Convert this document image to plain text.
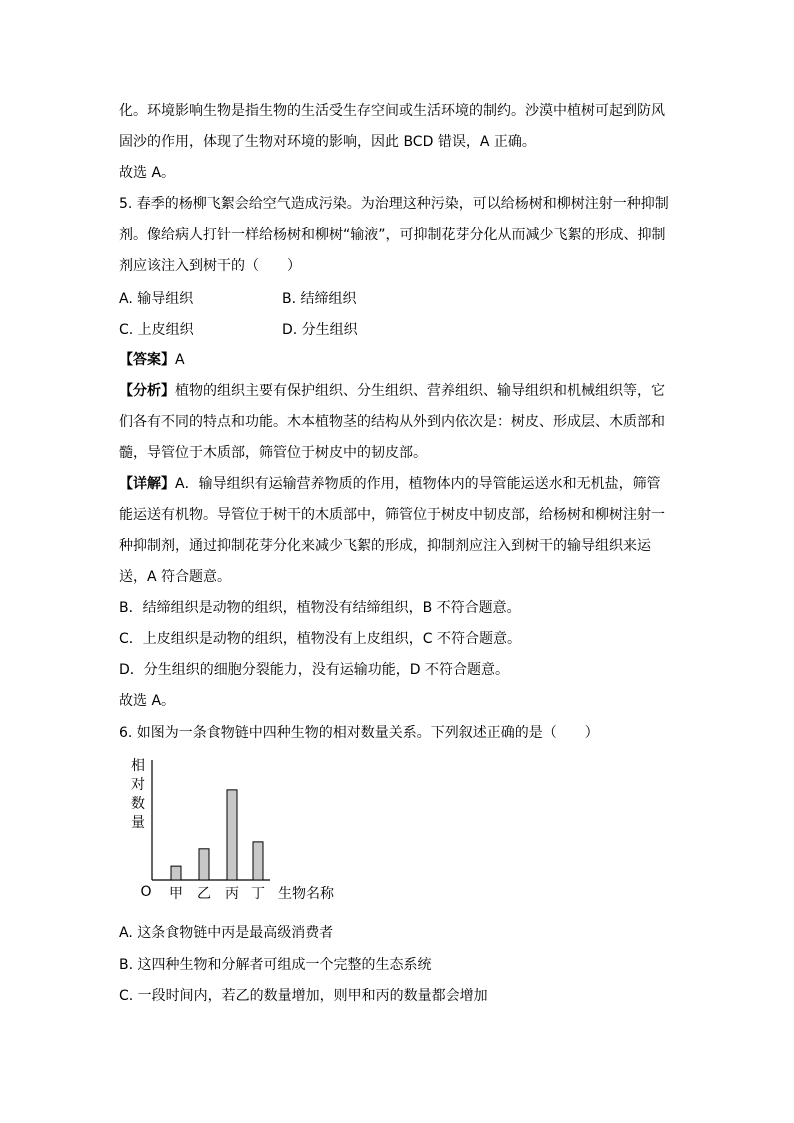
化。环境影响生物是指生物的生活受生存空间或生活环境的制约。沙漠中植树可起到防风
固沙的作用，体现了生物对环境的影响，因此 BCD 错误，A 正确。
故选 A。
5. 春季的杨柳飞絮会给空气造成污染。为治理这种污染，可以给杨树和柳树注射一种抑制
剂。像给病人打针一样给杨树和柳树“输液”，可抑制花芽分化从而减少飞絮的形成、抑制
剂应该注入到树干的（　　）
A. 输导组织	B. 结缔组织
C. 上皮组织	D. 分生组织
【答案】A
【分析】植物的组织主要有保护组织、分生组织、营养组织、输导组织和机械组织等，它
们各有不同的特点和功能。木本植物茎的结构从外到内依次是：树皮、形成层、木质部和
髓，导管位于木质部，筛管位于树皮中的韧皮部。
【详解】A．输导组织有运输营养物质的作用，植物体内的导管能运送水和无机盐，筛管
能运送有机物。导管位于树干的木质部中，筛管位于树皮中韧皮部，给杨树和柳树注射一
种抑制剂，通过抑制花芽分化来减少飞絮的形成，抑制剂应注入到树干的输导组织来运
送，A 符合题意。
B．结缔组织是动物的组织，植物没有结缔组织，B 不符合题意。
C．上皮组织是动物的组织，植物没有上皮组织，C 不符合题意。
D．分生组织的细胞分裂能力，没有运输功能，D 不符合题意。
故选 A。
6. 如图为一条食物链中四种生物的相对数量关系。下列叙述正确的是（　　）
相
对
数
量
O 甲 乙 丙 丁 生物名称
A. 这条食物链中丙是最高级消费者
B. 这四种生物和分解者可组成一个完整的生态系统
C. 一段时间内，若乙的数量增加，则甲和丙的数量都会增加
